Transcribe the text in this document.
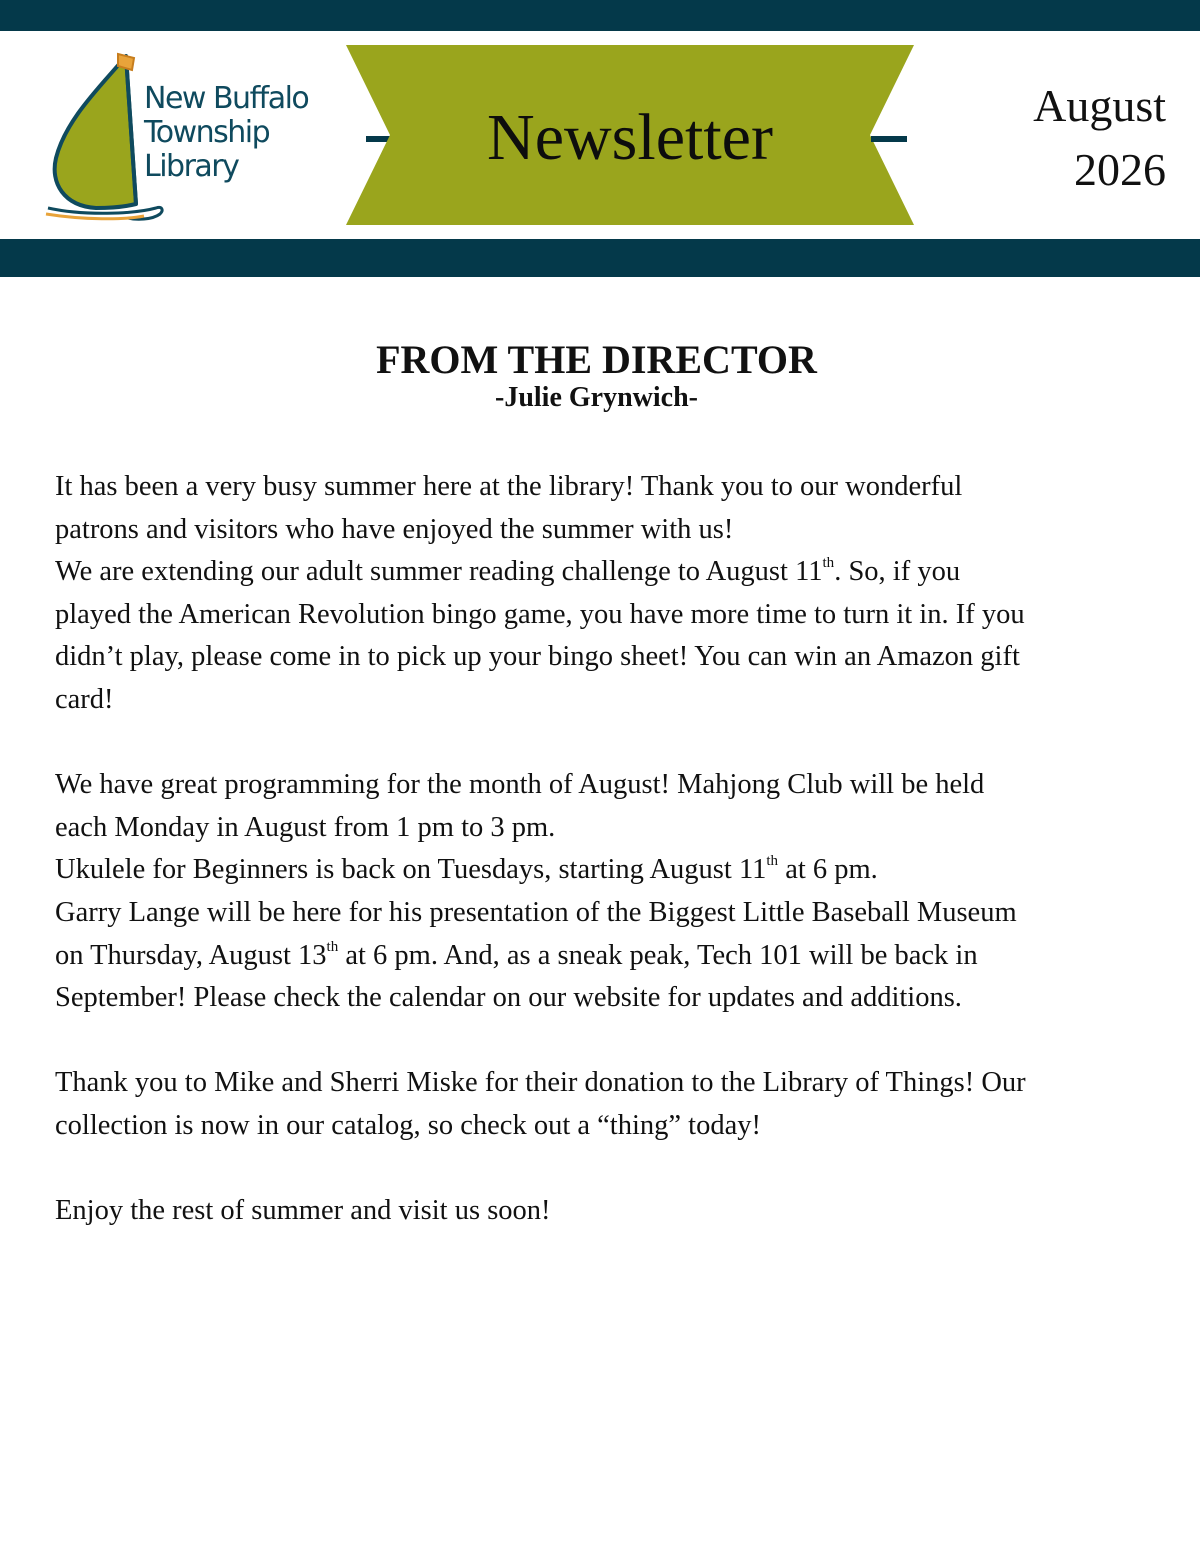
New Buffalo
Township
Library	Newsletter	August
2026
FROM THE DIRECTOR
-Julie Grynwich-

It has been a very busy summer here at the library! Thank you to our wonderful
patrons and visitors who have enjoyed the summer with us!
We are extending our adult summer reading challenge to August 11th. So, if you
played the American Revolution bingo game, you have more time to turn it in. If you
didn’t play, please come in to pick up your bingo sheet! You can win an Amazon gift
card!

We have great programming for the month of August! Mahjong Club will be held
each Monday in August from 1 pm to 3 pm.
Ukulele for Beginners is back on Tuesdays, starting August 11th at 6 pm.
Garry Lange will be here for his presentation of the Biggest Little Baseball Museum
on Thursday, August 13th at 6 pm. And, as a sneak peak, Tech 101 will be back in
September! Please check the calendar on our website for updates and additions.

Thank you to Mike and Sherri Miske for their donation to the Library of Things! Our
collection is now in our catalog, so check out a “thing” today!

Enjoy the rest of summer and visit us soon!
